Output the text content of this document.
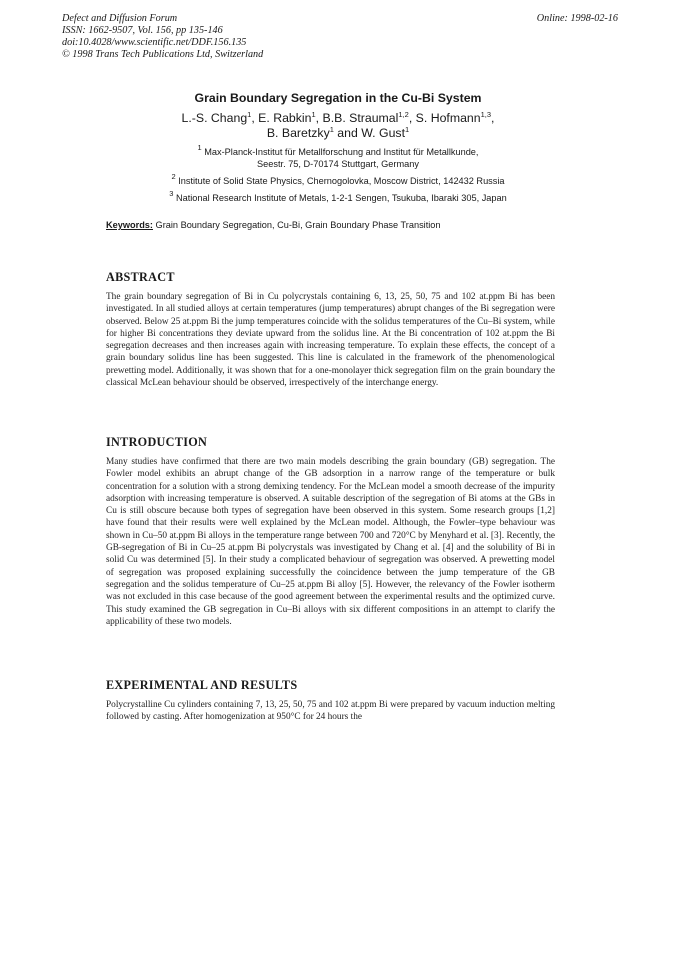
Defect and Diffusion Forum
ISSN: 1662-9507, Vol. 156, pp 135-146
doi:10.4028/www.scientific.net/DDF.156.135
© 1998 Trans Tech Publications Ltd, Switzerland
Online: 1998-02-16
Grain Boundary Segregation in the Cu-Bi System

L.-S. Chang$^1$, E. Rabkin$^1$, B.B. Straumal$^{1,2}$, S. Hofmann$^{1,3}$,

B. Baretzky$^1$ and W. Gust$^1$

$^1$ Max-Planck-Institut für Metallforschung and Institut für Metallkunde,

Seestr. 75, D-70174 Stuttgart, Germany

$^2$ Institute of Solid State Physics, Chernogolovka, Moscow District, 142432 Russia

$^3$ National Research Institute of Metals, 1-2-1 Sengen, Tsukuba, Ibaraki 305, Japan

Keywords: Grain Boundary Segregation, Cu-Bi, Grain Boundary Phase Transition
ABSTRACT

The grain boundary segregation of Bi in Cu polycrystals containing 6, 13, 25, 50, 75 and 102 at.ppm Bi has been investigated. In all studied alloys at certain temperatures (jump temperatures) abrupt changes of the Bi segregation were observed. Below 25 at.ppm Bi the jump temperatures coincide with the solidus temperatures of the Cu–Bi system, while for higher Bi concentrations they deviate upward from the solidus line. At the Bi concentration of 102 at.ppm the Bi segregation decreases and then increases again with increasing temperature. To explain these effects, the concept of a grain boundary solidus line has been suggested. This line is calculated in the framework of the phenomenological prewetting model. Additionally, it was shown that for a one-monolayer thick segregation film on the grain boundary the classical McLean behaviour should be observed, irrespectively of the interchange energy.

INTRODUCTION

Many studies have confirmed that there are two main models describing the grain boundary (GB) segregation. The Fowler model exhibits an abrupt change of the GB adsorption in a narrow range of the temperature or bulk concentration for a solution with a strong demixing tendency. For the McLean model a smooth decrease of the impurity adsorption with increasing temperature is observed. A suitable description of the segregation of Bi atoms at the GBs in Cu is still obscure because both types of segregation have been observed in this system. Some research groups [1,2] have found that their results were well explained by the McLean model. Although, the Fowler–type behaviour was shown in Cu–50 at.ppm Bi alloys in the temperature range between 700 and 720°C by Menyhard et al. [3]. Recently, the GB-segregation of Bi in Cu–25 at.ppm Bi polycrystals was investigated by Chang et al. [4] and the solubility of Bi in solid Cu was determined [5]. In their study a complicated behaviour of segregation was observed. A prewetting model of segregation was proposed explaining successfully the coincidence between the jump temperature of the GB segregation and the solidus temperature of Cu–25 at.ppm Bi alloy [5]. However, the relevancy of the Fowler isotherm was not excluded in this case because of the good agreement between the experimental results and the optimized curve. This study examined the GB segregation in Cu–Bi alloys with six different compositions in an attempt to clarify the applicability of these two models.

EXPERIMENTAL AND RESULTS

Polycrystalline Cu cylinders containing 7, 13, 25, 50, 75 and 102 at.ppm Bi were prepared by vacuum induction melting followed by casting. After homogenization at 950°C for 24 hours the
